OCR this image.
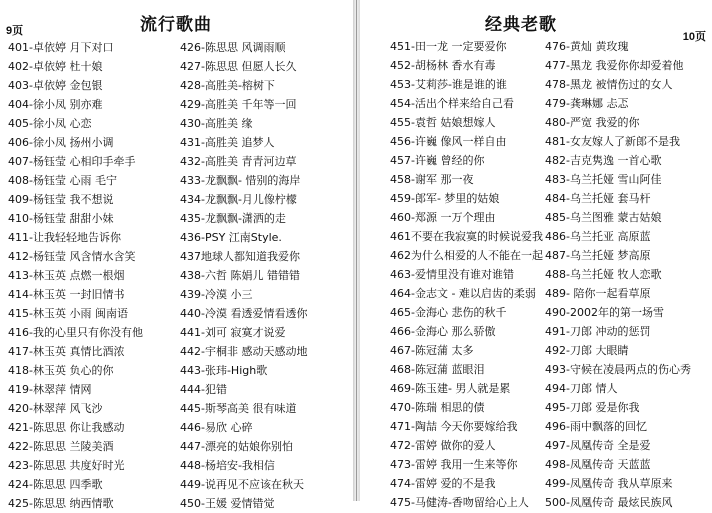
9页	流行歌曲
401-卓依婷 月下对口
402-卓依婷 杜十娘
403-卓依婷 金包银
404-徐小凤 别亦难
405-徐小凤 心恋
406-徐小凤 扬州小调
407-杨钰莹 心相印手牵手
408-杨钰莹 心雨 毛宁
409-杨钰莹 我不想说
410-杨钰莹 甜甜小妹
411-让我轻轻地告诉你
412-杨钰莹 风含情水含笑
413-林玉英 点燃一根烟
414-林玉英 一封旧情书
415-林玉英 小雨 闽南语
416-我的心里只有你没有他
417-林玉英 真情比酒浓
418-林玉英 负心的你
419-林翠萍 情网
420-林翠萍 风飞沙
421-陈思思 你让我感动
422-陈思思 兰陵美酒
423-陈思思 共度好时光
424-陈思思 四季歌
425-陈思思 纳西情歌
426-陈思思 风调雨顺
427-陈思思 但愿人长久
428-高胜美-榕树下
429-高胜美 千年等一回
430-高胜美 缘
431-高胜美 追梦人
432-高胜美 青青河边草
433-龙飘飘- 惜别的海岸
434-龙飘飘-月儿像柠檬
435-龙飘飘-潇洒的走
436-PSY 江南Style.
437地球人都知道我爱你
438-六哲 陈娟儿 错错错
439-冷漠 小三
440-冷漠 看透爱情看透你
441-刘可 寂寞才说爱
442-宇桐非 感动天感动地
443-张玮-High歌
444-犯错
445-斯琴高美 很有味道
446-易欣 心碎
447-漂亮的姑娘你别怕
448-杨培安-我相信
449-说再见不应该在秋天
450-王媛 爱情错觉
经典老歌
10页
451-田一龙 一定要爱你
452-胡杨林 香水有毒
453-艾莉莎-谁是谁的谁
454-活出个样来给自己看
455-袁哲 姑娘想嫁人
456-许巍 像风一样自由
457-许巍 曾经的你
458-谢军 那一夜
459-郎军- 梦里的姑娘
460-郑源 一万个理由
461不要在我寂寞的时候说爱我
462为什么相爱的人不能在一起
463-爱情里没有谁对谁错
464-金志文 - 难以启齿的柔弱
465-金海心 悲伤的秋千
466-金海心 那么骄傲
467-陈冠蒲 太多
468-陈冠蒲 蓝眼泪
469-陈玉建- 男人就是累
470-陈瑞 相思的债
471-陶喆 今天你要嫁给我
472-雷婷 做你的爱人
473-雷婷 我用一生来等你
474-雷婷 爱的不是我
475-马健涛-香吻留给心上人
476-黄灿 黄玫瑰
477-黑龙 我爱你你却爱着他
478-黑龙 被情伤过的女人
479-龚琳娜 忐忑
480-严宽 我爱的你
481-女友嫁人了新郎不是我
482-吉克隽逸 一首心歌
483-乌兰托娅 雪山阿佳
484-乌兰托娅 套马杆
485-乌兰图雅 蒙古姑娘
486-乌兰托亚 高原蓝
487-乌兰托娅 梦高原
488-乌兰托娅 牧人恋歌
489- 陪你一起看草原
490-2002年的第一场雪
491-刀郎 冲动的惩罚
492-刀郎 大眼睛
493-守候在凌晨两点的伤心秀
494-刀郎 情人
495-刀郎 爱是你我
496-雨中飘落的回忆
497-凤凰传奇 全是爱
498-凤凰传奇 天蓝蓝
499-凤凰传奇 我从草原来
500-凤凰传奇 最炫民族风
